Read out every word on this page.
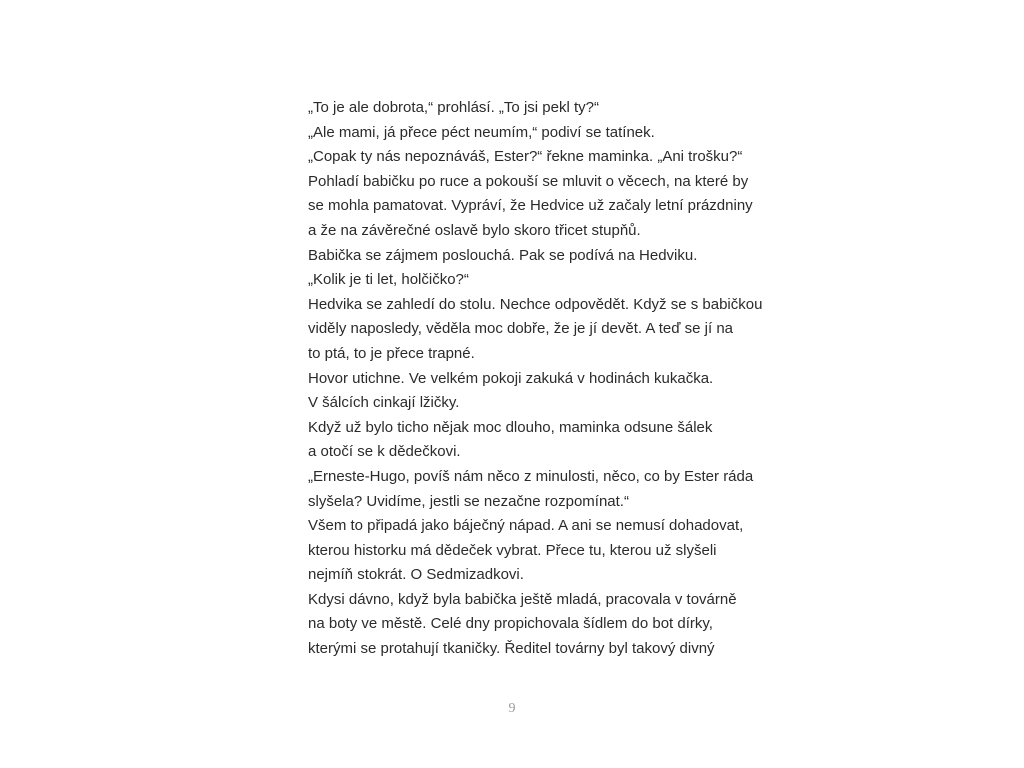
„To je ale dobrota,“ prohlásí. „To jsi pekl ty?“
„Ale mami, já přece péct neumím,“ podiví se tatínek.
„Copak ty nás nepoznáváš, Ester?“ řekne maminka. „Ani trošku?“
Pohladí babičku po ruce a pokouší se mluvit o věcech, na které by
se mohla pamatovat. Vypráví, že Hedvice už začaly letní prázdniny
a že na závěrečné oslavě bylo skoro třicet stupňů.
Babička se zájmem poslouchá. Pak se podívá na Hedviku.
„Kolik je ti let, holčičko?“
Hedvika se zahledí do stolu. Nechce odpovědět. Když se s babičkou
viděly naposledy, věděla moc dobře, že je jí devět. A teď se jí na
to ptá, to je přece trapné.
Hovor utichne. Ve velkém pokoji zakuká v hodinách kukačka.
V šálcích cinkají lžičky.
Když už bylo ticho nějak moc dlouho, maminka odsune šálek
a otočí se k dědečkovi.
„Erneste-Hugo, povíš nám něco z minulosti, něco, co by Ester ráda
slyšela? Uvidíme, jestli se nezačne rozpomínat.“
Všem to připadá jako báječný nápad. A ani se nemusí dohadovat,
kterou historku má dědeček vybrat. Přece tu, kterou už slyšeli
nejmíň stokrát. O Sedmizadkovi.
Kdysi dávno, když byla babička ještě mladá, pracovala v továrně
na boty ve městě. Celé dny propichovala šídlem do bot dírky,
kterými se protahují tkaničky. Ředitel továrny byl takový divný
9
